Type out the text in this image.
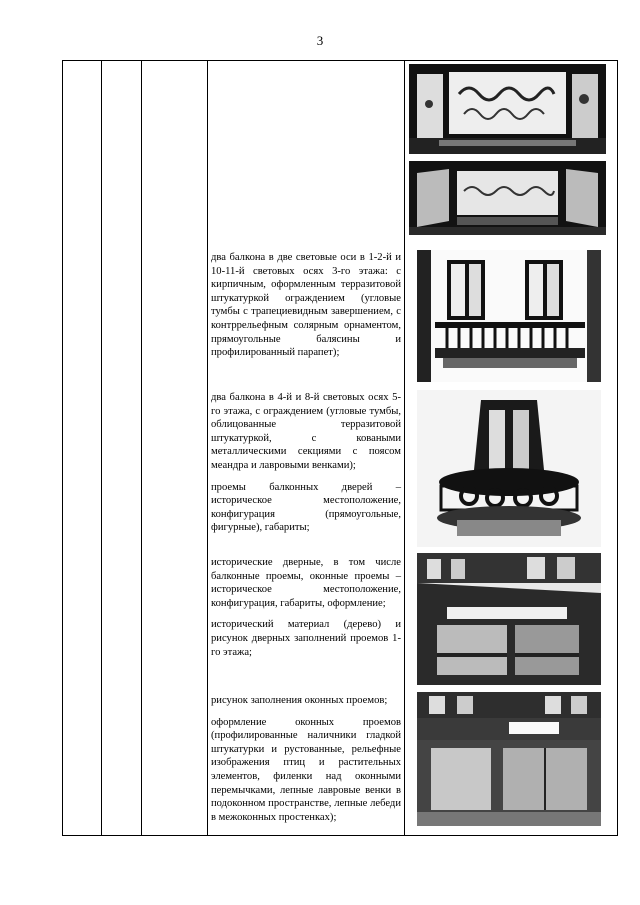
3

два балкона в две световые оси в 1-2-й и 10-11-й световых осях 3-го этажа: с кирпичным, оформленным терразитовой штукатуркой ограждением (угловые тумбы с трапециевидным завершением, с контррельефным солярным орнаментом, прямоугольные балясины и профилированный парапет);

два балкона в 4-й и 8-й световых осях 5-го этажа, с ограждением (угловые тумбы, облицованные терразитовой штукатуркой, с коваными металлическими секциями с поясом меандра и лавровыми венками);

проемы балконных дверей – историческое местоположение, конфигурация (прямоугольные, фигурные), габариты;

исторические дверные, в том числе балконные проемы, оконные проемы – историческое местоположение, конфигурация, габариты, оформление;

исторический материал (дерево) и рисунок дверных заполнений проемов 1-го этажа;

рисунок заполнения оконных проемов;

оформление оконных проемов (профилированные наличники гладкой штукатурки и рустованные, рельефные изображения птиц и растительных элементов, филенки над оконными перемычками, лепные лавровые венки в подоконном пространстве, лепные лебеди в межоконных простенках);
